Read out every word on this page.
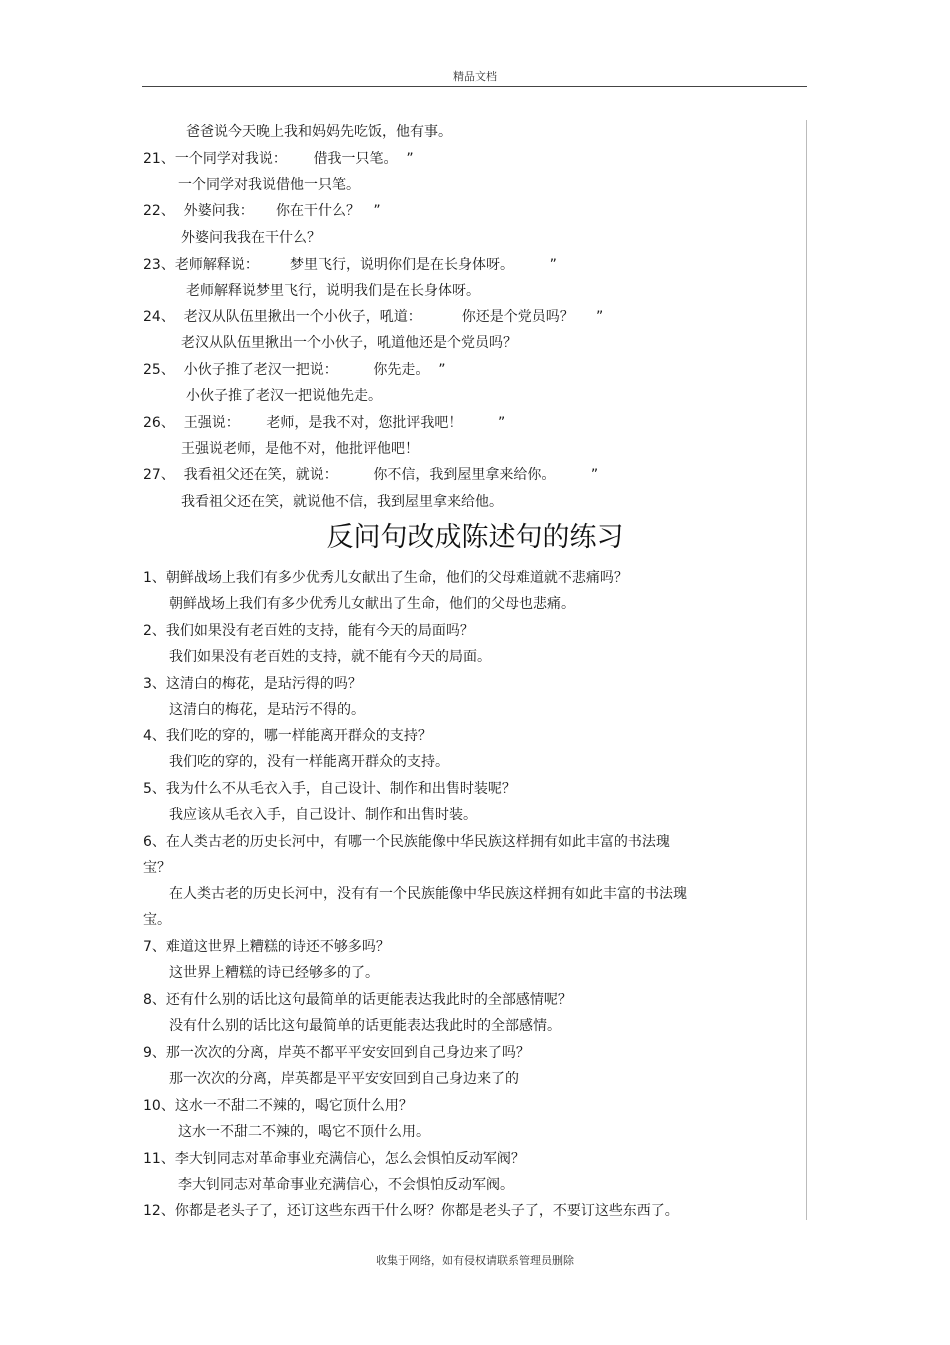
精品文档
爸爸说今天晚上我和妈妈先吃饭，他有事。
21、一个同学对我说：      借我一只笔。  ”
一个同学对我说借他一只笔。
22、  外婆问我：     你在干什么？   ”
外婆问我我在干什么？
23、老师解释说：       梦里飞行，说明你们是在长身体呀。        ”
老师解释说梦里飞行，说明我们是在长身体呀。
24、  老汉从队伍里揪出一个小伙子，吼道：         你还是个党员吗？     ”
老汉从队伍里揪出一个小伙子，吼道他还是个党员吗？
25、  小伙子推了老汉一把说：        你先走。  ”
小伙子推了老汉一把说他先走。
26、  王强说：      老师，是我不对，您批评我吧！        ”
王强说老师，是他不对，他批评他吧！
27、  我看祖父还在笑，就说：        你不信，我到屋里拿来给你。        ”
我看祖父还在笑，就说他不信，我到屋里拿来给他。
反问句改成陈述句的练习
1、朝鲜战场上我们有多少优秀儿女献出了生命，他们的父母难道就不悲痛吗？
朝鲜战场上我们有多少优秀儿女献出了生命，他们的父母也悲痛。
2、我们如果没有老百姓的支持，能有今天的局面吗？
我们如果没有老百姓的支持，就不能有今天的局面。
3、这清白的梅花，是玷污得的吗？
这清白的梅花，是玷污不得的。
4、我们吃的穿的，哪一样能离开群众的支持？
我们吃的穿的，没有一样能离开群众的支持。
5、我为什么不从毛衣入手，自己设计、制作和出售时装呢？
我应该从毛衣入手，自己设计、制作和出售时装。
6、在人类古老的历史长河中，有哪一个民族能像中华民族这样拥有如此丰富的书法瑰
宝？
在人类古老的历史长河中，没有有一个民族能像中华民族这样拥有如此丰富的书法瑰
宝。
7、难道这世界上糟糕的诗还不够多吗？
这世界上糟糕的诗已经够多的了。
8、还有什么别的话比这句最简单的话更能表达我此时的全部感情呢？
没有什么别的话比这句最简单的话更能表达我此时的全部感情。
9、那一次次的分离，岸英不都平平安安回到自己身边来了吗？
那一次次的分离，岸英都是平平安安回到自己身边来了的
10、这水一不甜二不辣的，喝它顶什么用？
这水一不甜二不辣的，喝它不顶什么用。
11、李大钊同志对革命事业充满信心，怎么会惧怕反动军阀？
李大钊同志对革命事业充满信心，不会惧怕反动军阀。
12、你都是老头子了，还订这些东西干什么呀？你都是老头子了，不要订这些东西了。
收集于网络，如有侵权请联系管理员删除
